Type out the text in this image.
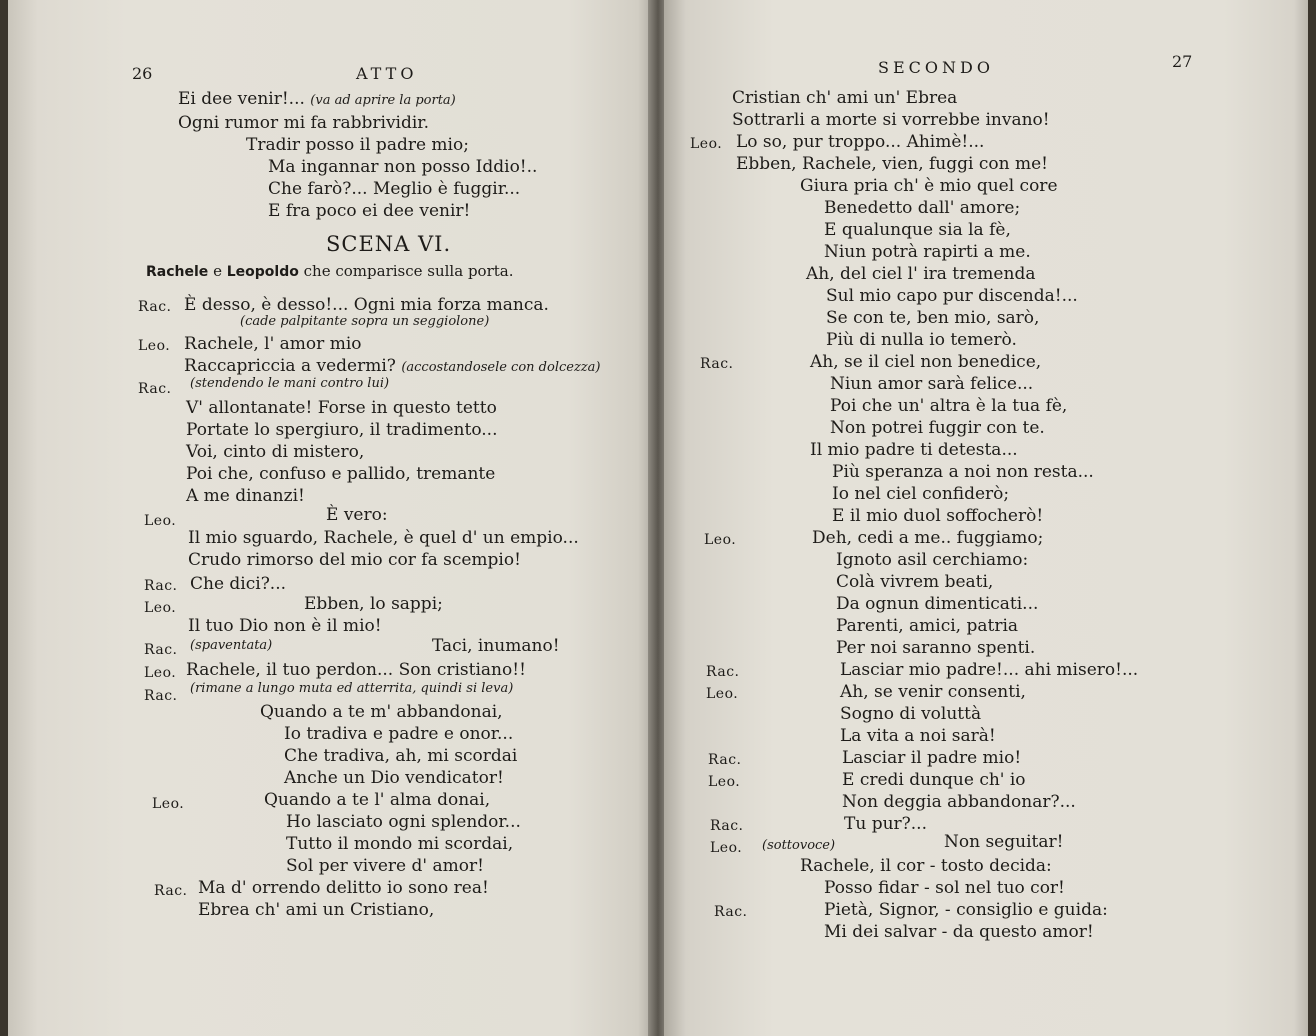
26	ATTO
Ei dee venir!... (va ad aprire la porta)
Ogni rumor mi fa rabbrividir.
Tradir posso il padre mio;
Ma ingannar non posso Iddio!..
Che farò?... Meglio è fuggir...
E fra poco ei dee venir!
SCENA VI.
Rachele e Leopoldo che comparisce sulla porta.
Rac. È desso, è desso!... Ogni mia forza manca.
(cade palpitante sopra un seggiolone)
Leo. Rachele, l' amor mio
Raccapriccia a vedermi? (accostandosele con dolcezza)
Rac. (stendendo le mani contro lui)
V' allontanate! Forse in questo tetto
Portate lo spergiuro, il tradimento...
Voi, cinto di mistero,
Poi che, confuso e pallido, tremante
A me dinanzi!
Leo.	È vero:
Il mio sguardo, Rachele, è quel d' un empio...
Crudo rimorso del mio cor fa scempio!
Rac. Che dici?...
Leo.	Ebben, lo sappi;
Il tuo Dio non è il mio!
Rac. (spaventata)	Taci, inumano!
Leo. Rachele, il tuo perdon... Son cristiano!!
Rac. (rimane a lungo muta ed atterrita, quindi si leva)
Quando a te m' abbandonai,
Io tradiva e padre e onor...
Che tradiva, ah, mi scordai
Anche un Dio vendicator!
Leo.	Quando a te l' alma donai,
Ho lasciato ogni splendor...
Tutto il mondo mi scordai,
Sol per vivere d' amor!
Rac. Ma d' orrendo delitto io sono rea!
Ebrea ch' ami un Cristiano,
SECONDO	27
Cristian ch' ami un' Ebrea
Sottrarli a morte si vorrebbe invano!
Leo. Lo so, pur troppo... Ahimè!...
Ebben, Rachele, vien, fuggi con me!
Giura pria ch' è mio quel core
Benedetto dall' amore;
E qualunque sia la fè,
Niun potrà rapirti a me.
Ah, del ciel l' ira tremenda
Sul mio capo pur discenda!...
Se con te, ben mio, sarò,
Più di nulla io temerò.
Rac.	Ah, se il ciel non benedice,
Niun amor sarà felice...
Poi che un' altra è la tua fè,
Non potrei fuggir con te.
Il mio padre ti detesta...
Più speranza a noi non resta...
Io nel ciel confiderò;
E il mio duol soffocherò!
Leo.	Deh, cedi a me.. fuggiamo;
Ignoto asil cerchiamo:
Colà vivrem beati,
Da ognun dimenticati...
Parenti, amici, patria
Per noi saranno spenti.
Rac.	Lasciar mio padre!... ahi misero!...
Leo.	Ah, se venir consenti,
Sogno di voluttà
La vita a noi sarà!
Rac.	Lasciar il padre mio!
Leo.	E credi dunque ch' io
Non deggia abbandonar?...
Rac.	Tu pur?...
Leo. (sottovoce)	Non seguitar!
Rachele, il cor - tosto decida:
Posso fidar - sol nel tuo cor!
Rac.	Pietà, Signor, - consiglio e guida:
Mi dei salvar - da questo amor!
